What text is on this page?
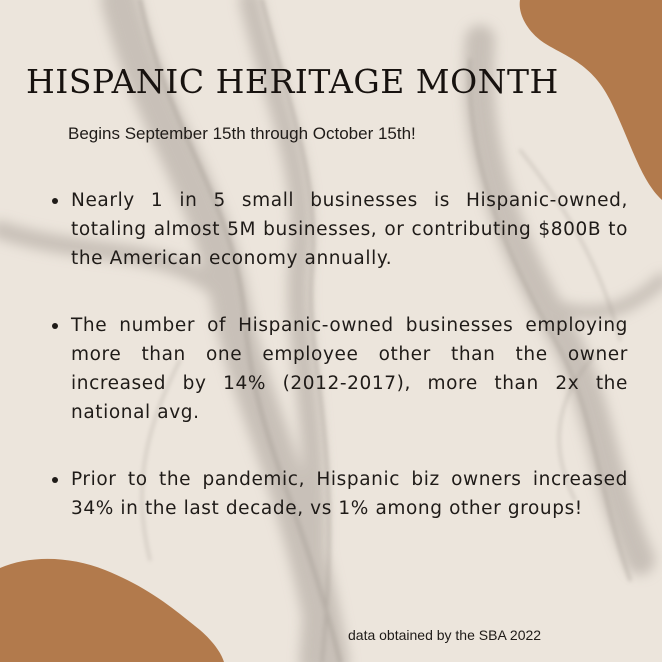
HISPANIC HERITAGE MONTH

Begins September 15th through October 15th!

Nearly 1 in 5 small businesses is Hispanic-owned, totaling almost 5M businesses, or contributing $800B to the American economy annually.
The number of Hispanic-owned businesses employing more than one employee other than the owner increased by 14% (2012-2017), more than 2x the national avg.
Prior to the pandemic, Hispanic biz owners increased 34% in the last decade, vs 1% among other groups!

data obtained by the SBA 2022
